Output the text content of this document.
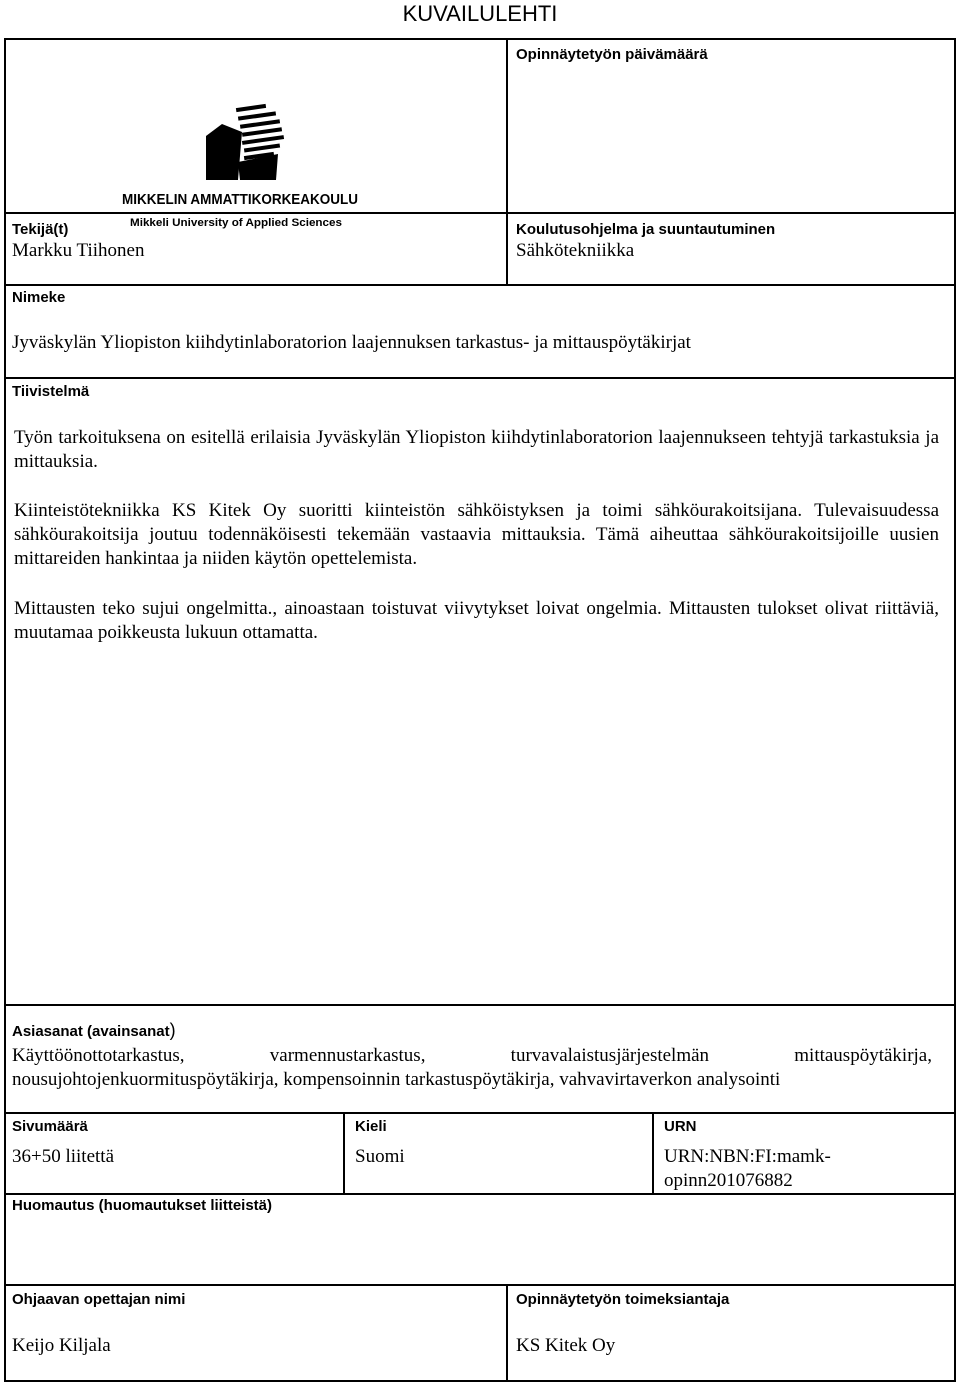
KUVAILULEHTI
Opinnäytetyön päivämäärä
MIKKELIN AMMATTIKORKEAKOULU
Mikkeli University of Applied Sciences
Tekijä(t)
Markku Tiihonen
Koulutusohjelma ja suuntautuminen
Sähkötekniikka
Nimeke
Jyväskylän Yliopiston kiihdytinlaboratorion laajennuksen tarkastus- ja mittauspöytäkirjat
Tiivistelmä

Työn tarkoituksena on esitellä erilaisia Jyväskylän Yliopiston kiihdytinlaboratorion laajennukseen tehtyjä tarkastuksia ja mittauksia.

Kiinteistötekniikka KS Kitek Oy suoritti kiinteistön sähköistyksen ja toimi sähköurakoitsijana. Tulevaisuudessa sähköurakoitsija joutuu todennäköisesti tekemään vastaavia mittauksia. Tämä aiheuttaa sähköurakoitsijoille uusien mittareiden hankintaa ja niiden käytön opettelemista.

Mittausten teko sujui ongelmitta., ainoastaan toistuvat viivytykset loivat ongelmia. Mittausten tulokset olivat riittäviä, muutamaa poikkeusta lukuun ottamatta.

Asiasanat (avainsanat)

Käyttöönottotarkastus, varmennustarkastus, turvavalaistusjärjestelmän mittauspöytäkirja, nousujohtojenkuormituspöytäkirja, kompensoinnin tarkastuspöytäkirja, vahvavirtaverkon analysointi

Sivumäärä
36+50 liitettä
Kieli
Suomi
URN
URN:NBN:FI:mamk-
opinn201076882
Huomautus (huomautukset liitteistä)
Ohjaavan opettajan nimi
Keijo Kiljala
Opinnäytetyön toimeksiantaja
KS Kitek Oy
